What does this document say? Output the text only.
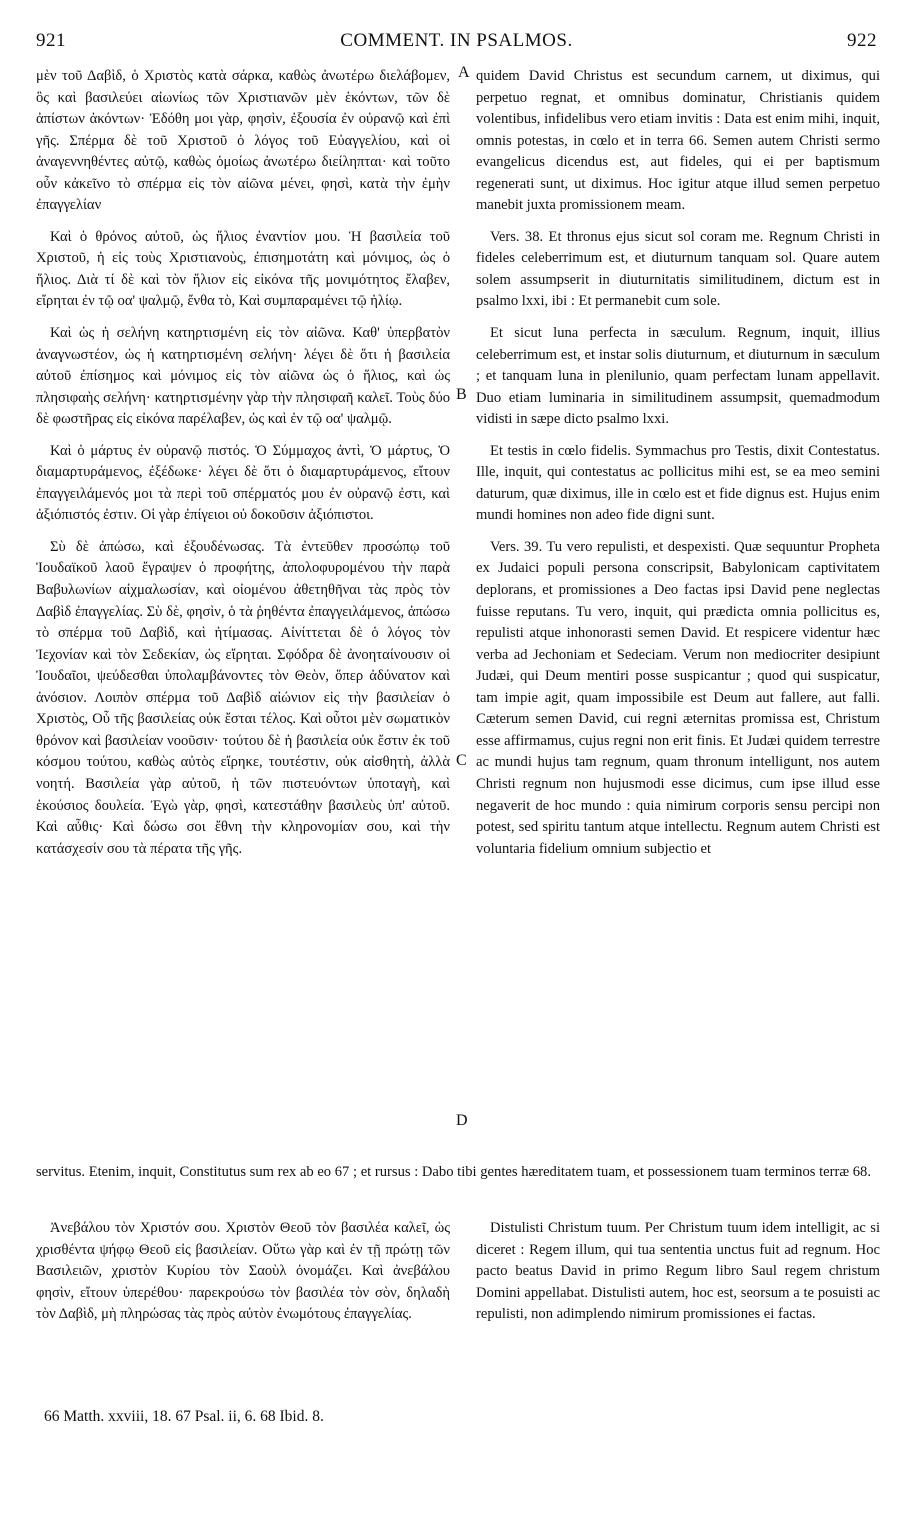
921	COMMENT. IN PSALMOS.	922

μὲν τοῦ Δαβὶδ, ὁ Χριστὸς κατὰ σάρκα, καθὼς ἀνωτέρω διελάβομεν, ὃς καὶ βασιλεύει αἰωνίως τῶν Χριστιανῶν μὲν ἑκόντων, τῶν δὲ ἀπίστων ἀκόντων· Ἐδόθη μοι γὰρ, φησὶν, ἐξουσία ἐν οὐρανῷ καὶ ἐπὶ γῆς. Σπέρμα δὲ τοῦ Χριστοῦ ὁ λόγος τοῦ Εὐαγγελίου, καὶ οἱ ἀναγεννηθέντες αὐτῷ, καθὼς ὁμοίως ἀνωτέρω διείληπται· καὶ τοῦτο οὖν κἀκεῖνο τὸ σπέρμα εἰς τὸν αἰῶνα μένει, φησὶ, κατὰ τὴν ἐμὴν ἐπαγγελίαν

Καὶ ὁ θρόνος αὐτοῦ, ὡς ἥλιος ἐναντίον μου. Ἡ βασιλεία τοῦ Χριστοῦ, ἡ εἰς τοὺς Χριστιανοὺς, ἐπισημοτάτη καὶ μόνιμος, ὡς ὁ ἥλιος. Διὰ τί δὲ καὶ τὸν ἥλιον εἰς εἰκόνα τῆς μονιμότητος ἔλαβεν, εἴρηται ἐν τῷ οα' ψαλμῷ, ἔνθα τὸ, Καὶ συμπαραμένει τῷ ἡλίῳ.

Καὶ ὡς ἡ σελήνη κατηρτισμένη εἰς τὸν αἰῶνα. Καθ' ὑπερβατὸν ἀναγνωστέον, ὡς ἡ κατηρτισμένη σελήνη· λέγει δὲ ὅτι ἡ βασιλεία αὐτοῦ ἐπίσημος καὶ μόνιμος εἰς τὸν αἰῶνα ὡς ὁ ἥλιος, καὶ ὡς πλησιφαὴς σελήνη· κατηρτισμένην γὰρ τὴν πλησιφαῆ καλεῖ. Τοὺς δύο δὲ φωστῆρας εἰς εἰκόνα παρέλαβεν, ὡς καὶ ἐν τῷ οα' ψαλμῷ.

Καὶ ὁ μάρτυς ἐν οὐρανῷ πιστός. Ὁ Σύμμαχος ἀντὶ, Ὁ μάρτυς, Ὁ διαμαρτυράμενος, ἐξέδωκε· λέγει δὲ ὅτι ὁ διαμαρτυράμενος, εἴτουν ἐπαγγειλάμενός μοι τὰ περὶ τοῦ σπέρματός μου ἐν οὐρανῷ ἐστι, καὶ ἀξιόπιστός ἐστιν. Οἱ γὰρ ἐπίγειοι οὐ δοκοῦσιν ἀξιόπιστοι.

Σὺ δὲ ἀπώσω, καὶ ἐξουδένωσας. Τὰ ἐντεῦθεν προσώπῳ τοῦ Ἰουδαϊκοῦ λαοῦ ἔγραψεν ὁ προφήτης, ἀπολοφυρομένου τὴν παρὰ Βαβυλωνίων αἰχμαλωσίαν, καὶ οἰομένου ἀθετηθῆναι τὰς πρὸς τὸν Δαβὶδ ἐπαγγελίας. Σὺ δὲ, φησὶν, ὁ τὰ ῥηθέντα ἐπαγγειλάμενος, ἀπώσω τὸ σπέρμα τοῦ Δαβὶδ, καὶ ἠτίμασας. Αἰνίττεται δὲ ὁ λόγος τὸν Ἰεχονίαν καὶ τὸν Σεδεκίαν, ὡς εἴρηται. Σφόδρα δὲ ἀνοηταίνουσιν οἱ Ἰουδαῖοι, ψεύδεσθαι ὑπολαμβάνοντες τὸν Θεὸν, ὅπερ ἀδύνατον καὶ ἀνόσιον. Λοιπὸν σπέρμα τοῦ Δαβὶδ αἰώνιον εἰς τὴν βασιλείαν ὁ Χριστὸς, Οὗ τῆς βασιλείας οὐκ ἔσται τέλος. Καὶ οὗτοι μὲν σωματικὸν θρόνον καὶ βασιλείαν νοοῦσιν· τούτου δὲ ἡ βασιλεία οὐκ ἔστιν ἐκ τοῦ κόσμου τούτου, καθὼς αὐτὸς εἴρηκε, τουτέστιν, οὐκ αἰσθητὴ, ἀλλὰ νοητή. Βασιλεία γὰρ αὐτοῦ, ἡ τῶν πιστευόντων ὑποταγὴ, καὶ ἑκούσιος δουλεία. Ἐγὼ γὰρ, φησὶ, κατεστάθην βασιλεὺς ὑπ' αὐτοῦ. Καὶ αὖθις· Καὶ δώσω σοι ἔθνη τὴν κληρονομίαν σου, καὶ τὴν κατάσχεσίν σου τὰ πέρατα τῆς γῆς.

quidem David Christus est secundum carnem, ut diximus, qui perpetuo regnat, et omnibus dominatur, Christianis quidem volentibus, infidelibus vero etiam invitis : Data est enim mihi, inquit, omnis potestas, in cœlo et in terra 66. Semen autem Christi sermo evangelicus dicendus est, aut fideles, qui ei per baptismum regenerati sunt, ut diximus. Hoc igitur atque illud semen perpetuo manebit juxta promissionem meam.

Vers. 38. Et thronus ejus sicut sol coram me. Regnum Christi in fideles celeberrimum est, et diuturnum tanquam sol. Quare autem solem assumpserit in diuturnitatis similitudinem, dictum est in psalmo lxxi, ibi : Et permanebit cum sole.

Et sicut luna perfecta in sæculum. Regnum, inquit, illius celeberrimum est, et instar solis diuturnum, et diuturnum in sæculum ; et tanquam luna in plenilunio, quam perfectam lunam appellavit. Duo etiam luminaria in similitudinem assumpsit, quemadmodum vidisti in sæpe dicto psalmo lxxi.

Et testis in cœlo fidelis. Symmachus pro Testis, dixit Contestatus. Ille, inquit, qui contestatus ac pollicitus mihi est, se ea meo semini daturum, quæ diximus, ille in cœlo est et fide dignus est. Hujus enim mundi homines non adeo fide digni sunt.

Vers. 39. Tu vero repulisti, et despexisti. Quæ sequuntur Propheta ex Judaici populi persona conscripsit, Babylonicam captivitatem deplorans, et promissiones a Deo factas ipsi David pene neglectas fuisse reputans. Tu vero, inquit, qui prædicta omnia pollicitus es, repulisti atque inhonorasti semen David. Et respicere videntur hæc verba ad Jechoniam et Sedeciam. Verum non mediocriter desipiunt Judæi, qui Deum mentiri posse suspicantur ; quod qui suspicatur, tam impie agit, quam impossibile est Deum aut fallere, aut falli. Cæterum semen David, cui regni æternitas promissa est, Christum esse affirmamus, cujus regni non erit finis. Et Judæi quidem terrestre ac mundi hujus tam regnum, quam thronum intelligunt, nos autem Christi regnum non hujusmodi esse dicimus, cum ipse illud esse negaverit de hoc mundo : quia nimirum corporis sensu percipi non potest, sed spiritu tantum atque intellectu. Regnum autem Christi est voluntaria fidelium omnium subjectio et

servitus. Etenim, inquit, Constitutus sum rex ab eo 67 ; et rursus : Dabo tibi gentes hæreditatem tuam, et possessionem tuam terminos terræ 68.

Ἀνεβάλου τὸν Χριστόν σου. Χριστὸν Θεοῦ τὸν βασιλέα καλεῖ, ὡς χρισθέντα ψήφῳ Θεοῦ εἰς βασιλείαν. Οὕτω γὰρ καὶ ἐν τῇ πρώτῃ τῶν Βασιλειῶν, χριστὸν Κυρίου τὸν Σαοὺλ ὀνομάζει. Καὶ ἀνεβάλου φησὶν, εἴτουν ὑπερέθου· παρεκρούσω τὸν βασιλέα τὸν σὸν, δηλαδὴ τὸν Δαβὶδ, μὴ πληρώσας τὰς πρὸς αὐτὸν ἐνωμότους ἐπαγγελίας.

Distulisti Christum tuum. Per Christum tuum idem intelligit, ac si diceret : Regem illum, qui tua sententia unctus fuit ad regnum. Hoc pacto beatus David in primo Regum libro Saul regem christum Domini appellabat. Distulisti autem, hoc est, seorsum a te posuisti ac repulisti, non adimplendo nimirum promissiones ei factas.

A
B
C
D
66 Matth. xxviii, 18. 67 Psal. ii, 6. 68 Ibid. 8.
